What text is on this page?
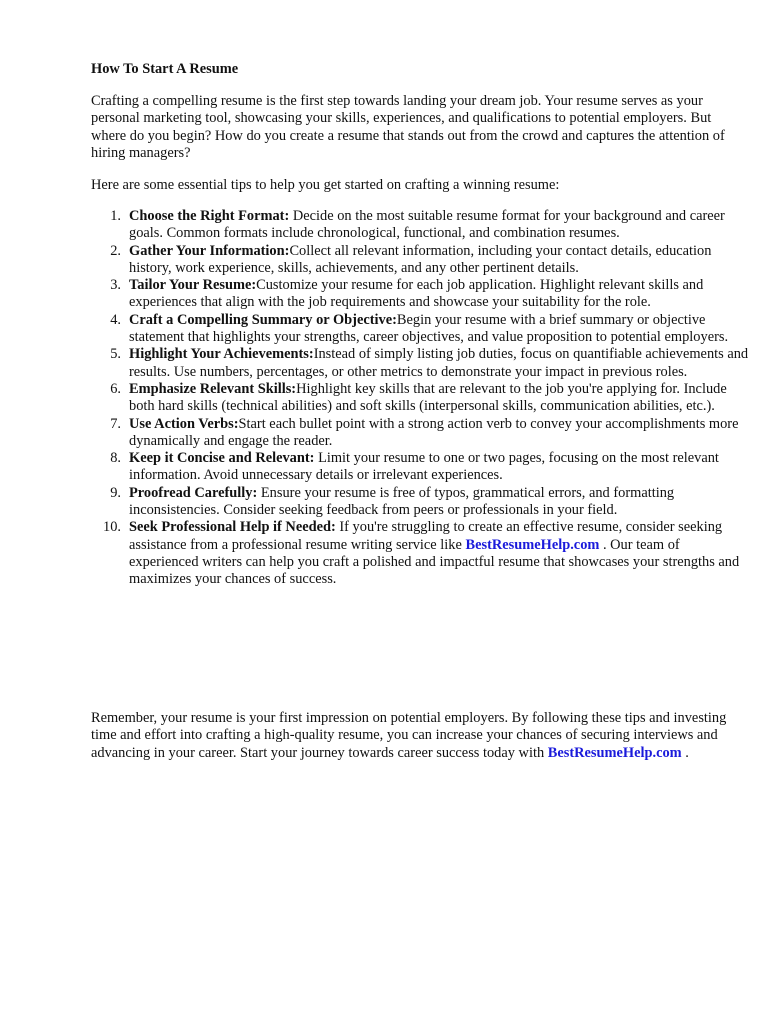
How To Start A Resume

Crafting a compelling resume is the first step towards landing your dream job. Your resume serves as your personal marketing tool, showcasing your skills, experiences, and qualifications to potential employers. But where do you begin? How do you create a resume that stands out from the crowd and captures the attention of hiring managers?

Here are some essential tips to help you get started on crafting a winning resume:

Choose the Right Format: Decide on the most suitable resume format for your background and career goals. Common formats include chronological, functional, and combination resumes.
Gather Your Information:Collect all relevant information, including your contact details, education history, work experience, skills, achievements, and any other pertinent details.
Tailor Your Resume:Customize your resume for each job application. Highlight relevant skills and experiences that align with the job requirements and showcase your suitability for the role.
Craft a Compelling Summary or Objective:Begin your resume with a brief summary or objective statement that highlights your strengths, career objectives, and value proposition to potential employers.
Highlight Your Achievements:Instead of simply listing job duties, focus on quantifiable achievements and results. Use numbers, percentages, or other metrics to demonstrate your impact in previous roles.
Emphasize Relevant Skills:Highlight key skills that are relevant to the job you're applying for. Include both hard skills (technical abilities) and soft skills (interpersonal skills, communication abilities, etc.).
Use Action Verbs:Start each bullet point with a strong action verb to convey your accomplishments more dynamically and engage the reader.
Keep it Concise and Relevant: Limit your resume to one or two pages, focusing on the most relevant information. Avoid unnecessary details or irrelevant experiences.
Proofread Carefully: Ensure your resume is free of typos, grammatical errors, and formatting inconsistencies. Consider seeking feedback from peers or professionals in your field.
Seek Professional Help if Needed: If you're struggling to create an effective resume, consider seeking assistance from a professional resume writing service like BestResumeHelp.com . Our team of experienced writers can help you craft a polished and impactful resume that showcases your strengths and maximizes your chances of success.

Remember, your resume is your first impression on potential employers. By following these tips and investing time and effort into crafting a high-quality resume, you can increase your chances of securing interviews and advancing in your career. Start your journey towards career success today with BestResumeHelp.com .
